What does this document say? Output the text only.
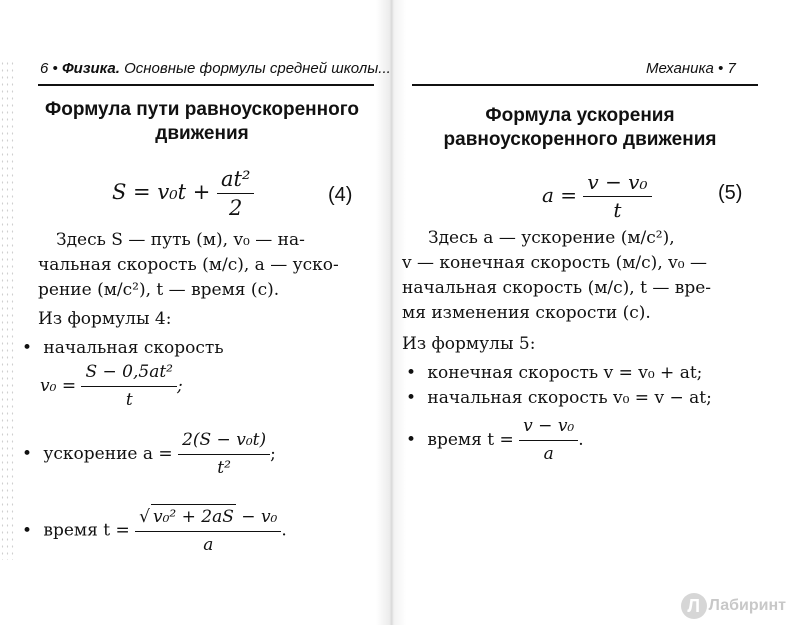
6 • Физика. Основные формулы средней школы...
Формула пути равноускоренного движения
$S = v_0t + \frac{\text{at²}}{2}$	(4)
Здесь S — путь (м), v₀ — на-
чальная скорость (м/с), a — уско-
рение (м/с²), t — время (с).
Из формулы 4:
• начальная скорость
$v_0 = \frac{\text{S − 0,5at²}}{t}$ ;
• ускорение $a = \frac{\text{2(S − v₀t)}}{\text{t²}}$ ;
• время $t = \frac{\text{√ v₀² + 2aS − v₀}}{a}$ .
Механика • 7
Формула ускорения равноускоренного движения
$a = \frac{\text{v − v₀}}{t}$	(5)
Здесь a — ускорение (м/с²),
v — конечная скорость (м/с), v₀ —
начальная скорость (м/с), t — вре-
мя изменения скорости (с).
Из формулы 5:
• конечная скорость v = v₀ + at;
• начальная скорость v₀ = v − at;
• время $t = \frac{\text{v − v₀}}{a}$ .
Л Лабиринт
